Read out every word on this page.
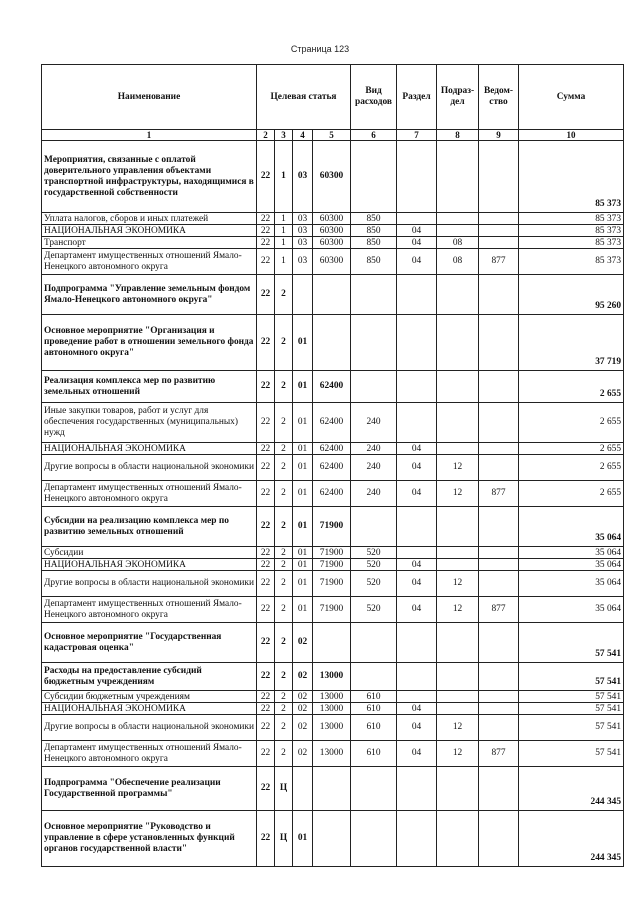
Страница 123
Наименование	Целевая статья				Вид расходов	Раздел	Подраз-дел	Ведом-ство	Сумма
1	2	3	4	5	6	7	8	9	10
Мероприятия, связанные с оплатой доверительного управления объектами транспортной инфраструктуры, находящимися в государственной собственности	22	1	03	60300					85 373
Уплата налогов, сборов и иных платежей	22	1	03	60300	850				85 373
НАЦИОНАЛЬНАЯ ЭКОНОМИКА	22	1	03	60300	850	04			85 373
Транспорт	22	1	03	60300	850	04	08		85 373
Департамент имущественных отношений Ямало-Ненецкого автономного округа	22	1	03	60300	850	04	08	877	85 373
Подпрограмма "Управление земельным фондом Ямало-Ненецкого автономного округа"	22	2							95 260
Основное мероприятие "Организация и проведение работ в отношении земельного фонда автономного округа"	22	2	01						37 719
Реализация комплекса мер по развитию земельных отношений	22	2	01	62400					2 655
Иные закупки товаров, работ и услуг для обеспечения государственных (муниципальных) нужд	22	2	01	62400	240				2 655
НАЦИОНАЛЬНАЯ ЭКОНОМИКА	22	2	01	62400	240	04			2 655
Другие вопросы в области национальной экономики	22	2	01	62400	240	04	12		2 655
Департамент имущественных отношений Ямало-Ненецкого автономного округа	22	2	01	62400	240	04	12	877	2 655
Субсидии на реализацию комплекса мер по развитию земельных отношений	22	2	01	71900					35 064
Субсидии	22	2	01	71900	520				35 064
НАЦИОНАЛЬНАЯ ЭКОНОМИКА	22	2	01	71900	520	04			35 064
Другие вопросы в области национальной экономики	22	2	01	71900	520	04	12		35 064
Департамент имущественных отношений Ямало-Ненецкого автономного округа	22	2	01	71900	520	04	12	877	35 064
Основное мероприятие "Государственная кадастровая оценка"	22	2	02						57 541
Расходы на предоставление субсидий бюджетным учреждениям	22	2	02	13000					57 541
Субсидии бюджетным учреждениям	22	2	02	13000	610				57 541
НАЦИОНАЛЬНАЯ ЭКОНОМИКА	22	2	02	13000	610	04			57 541
Другие вопросы в области национальной экономики	22	2	02	13000	610	04	12		57 541
Департамент имущественных отношений Ямало-Ненецкого автономного округа	22	2	02	13000	610	04	12	877	57 541
Подпрограмма "Обеспечение реализации Государственной программы"	22	Ц							244 345
Основное мероприятие "Руководство и управление в сфере установленных функций органов государственной власти"	22	Ц	01						244 345
